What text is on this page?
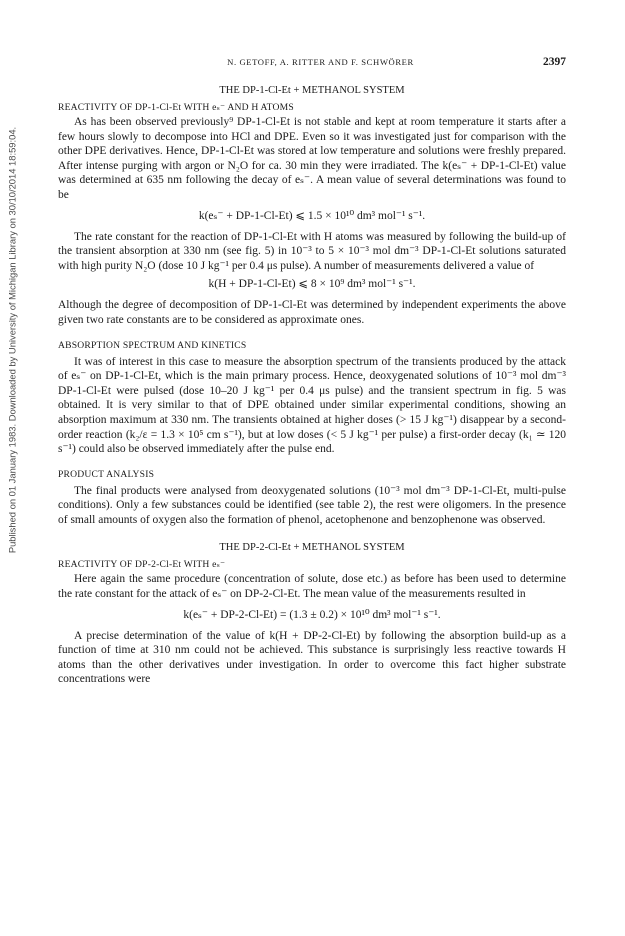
Published on 01 January 1983. Downloaded by University of Michigan Library on 30/10/2014 18:59:04.
N. GETOFF, A. RITTER AND F. SCHWÖRER	2397
THE DP-1-Cl-Et + METHANOL SYSTEM
REACTIVITY OF DP-1-Cl-Et WITH eₛ⁻ AND H ATOMS

As has been observed previously⁹ DP-1-Cl-Et is not stable and kept at room temperature it starts after a few hours slowly to decompose into HCl and DPE. Even so it was investigated just for comparison with the other DPE derivatives. Hence, DP-1-Cl-Et was stored at low temperature and solutions were freshly prepared. After intense purging with argon or N₂O for ca. 30 min they were irradiated. The k(eₛ⁻ + DP-1-Cl-Et) value was determined at 635 nm following the decay of eₛ⁻. A mean value of several determinations was found to be

k(eₛ⁻ + DP-1-Cl-Et) ⩽ 1.5 × 10¹⁰ dm³ mol⁻¹ s⁻¹.

The rate constant for the reaction of DP-1-Cl-Et with H atoms was measured by following the build-up of the transient absorption at 330 nm (see fig. 5) in 10⁻³ to 5 × 10⁻³ mol dm⁻³ DP-1-Cl-Et solutions saturated with high purity N₂O (dose 10 J kg⁻¹ per 0.4 μs pulse). A number of measurements delivered a value of

k(H + DP-1-Cl-Et) ⩽ 8 × 10⁹ dm³ mol⁻¹ s⁻¹.

Although the degree of decomposition of DP-1-Cl-Et was determined by independent experiments the above given two rate constants are to be considered as approximate ones.

ABSORPTION SPECTRUM AND KINETICS

It was of interest in this case to measure the absorption spectrum of the transients produced by the attack of eₛ⁻ on DP-1-Cl-Et, which is the main primary process. Hence, deoxygenated solutions of 10⁻³ mol dm⁻³ DP-1-Cl-Et were pulsed (dose 10–20 J kg⁻¹ per 0.4 μs pulse) and the transient spectrum in fig. 5 was obtained. It is very similar to that of DPE obtained under similar experimental conditions, showing an absorption maximum at 330 nm. The transients obtained at higher doses (> 15 J kg⁻¹) disappear by a second-order reaction (k₂/ε = 1.3 × 10⁵ cm s⁻¹), but at low doses (< 5 J kg⁻¹ per pulse) a first-order decay (k₁ ≃ 120 s⁻¹) could also be observed immediately after the pulse end.

PRODUCT ANALYSIS

The final products were analysed from deoxygenated solutions (10⁻³ mol dm⁻³ DP-1-Cl-Et, multi-pulse conditions). Only a few substances could be identified (see table 2), the rest were oligomers. In the presence of small amounts of oxygen also the formation of phenol, acetophenone and benzophenone was observed.

THE DP-2-Cl-Et + METHANOL SYSTEM
REACTIVITY OF DP-2-Cl-Et WITH eₛ⁻

Here again the same procedure (concentration of solute, dose etc.) as before has been used to determine the rate constant for the attack of eₛ⁻ on DP-2-Cl-Et. The mean value of the measurements resulted in

k(eₛ⁻ + DP-2-Cl-Et) = (1.3 ± 0.2) × 10¹⁰ dm³ mol⁻¹ s⁻¹.

A precise determination of the value of k(H + DP-2-Cl-Et) by following the absorption build-up as a function of time at 310 nm could not be achieved. This substance is surprisingly less reactive towards H atoms than the other derivatives under investigation. In order to overcome this fact higher substrate concentrations were
